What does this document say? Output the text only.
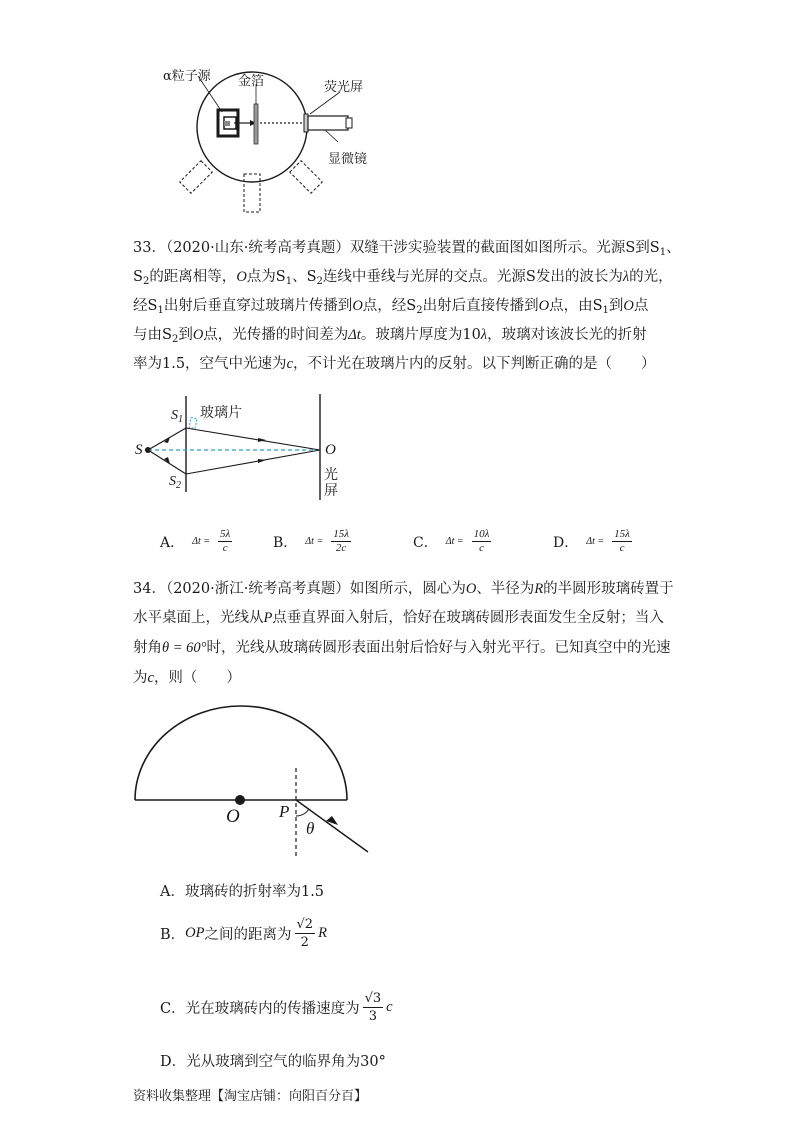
α粒子源 金箔	荧光屏
显微镜
33．（2020·山东·统考高考真题）双缝干涉实验装置的截面图如图所示。光源S到$S_1$、
$S_2$的距离相等，O点为$S_1$、$S_2$连线中垂线与光屏的交点。光源S发出的波长为λ的光，
经$S_1$出射后垂直穿过玻璃片传播到O点，经$S_2$出射后直接传播到O点，由$S_1$到O点
与由$S_2$到O点，光传播的时间差为Δt。玻璃片厚度为10λ，玻璃对该波长光的折射
率为1.5，空气中光速为c，不计光在玻璃片内的反射。以下判断正确的是（　　）
$S_1$ 玻璃片
S
$S_2$
O
光
屏
A． $\Delta t = \frac{5\lambda}{c}$	B． $\Delta t = \frac{15\lambda}{2c}$	C． $\Delta t = \frac{10\lambda}{c}$	D． $\Delta t = \frac{15\lambda}{c}$
34．（2020·浙江·统考高考真题）如图所示，圆心为O、半径为R的半圆形玻璃砖置于
水平桌面上，光线从P点垂直界面入射后，恰好在玻璃砖圆形表面发生全反射；当入
射角θ = 60°时，光线从玻璃砖圆形表面出射后恰好与入射光平行。已知真空中的光速
为c，则（　　）
O P
θ
A．玻璃砖的折射率为1.5
B． OP 之间的距离为 $\frac{√2}{2}$ R
C．光在玻璃砖内的传播速度为 $\frac{√3}{3}$ c
D．光从玻璃到空气的临界角为30°
资料收集整理【淘宝店铺：向阳百分百】
